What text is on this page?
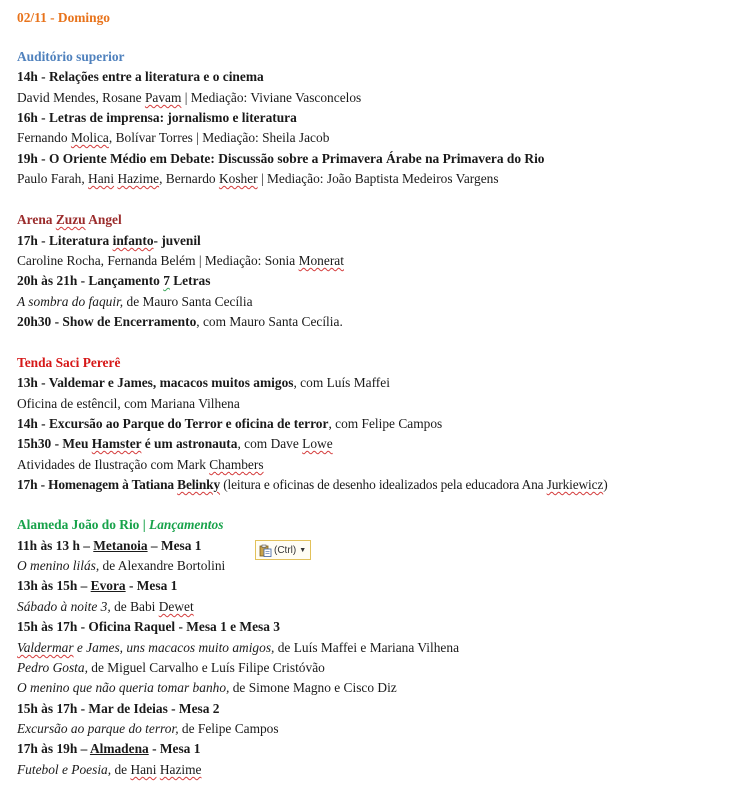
02/11 - Domingo
Auditório superior
14h - Relações entre a literatura e o cinema
David Mendes, Rosane Pavam | Mediação: Viviane Vasconcelos
16h - Letras de imprensa: jornalismo e literatura
Fernando Molica, Bolívar Torres | Mediação: Sheila Jacob
19h - O Oriente Médio em Debate: Discussão sobre a Primavera Árabe na Primavera do Rio
Paulo Farah, Hani Hazime, Bernardo Kosher | Mediação: João Baptista Medeiros Vargens
Arena Zuzu Angel
17h - Literatura infanto- juvenil
Caroline Rocha, Fernanda Belém | Mediação: Sonia Monerat
20h às 21h - Lançamento 7 Letras
A sombra do faquir, de Mauro Santa Cecília
20h30 - Show de Encerramento, com Mauro Santa Cecília.
Tenda Saci Pererê
13h - Valdemar e James, macacos muitos amigos, com Luís Maffei
Oficina de estêncil, com Mariana Vilhena
14h - Excursão ao Parque do Terror e oficina de terror, com Felipe Campos
15h30 - Meu Hamster é um astronauta, com Dave Lowe
Atividades de Ilustração com Mark Chambers
17h - Homenagem à Tatiana Belinky (leitura e oficinas de desenho idealizados pela educadora Ana Jurkiewicz)
Alameda João do Rio | Lançamentos
11h às 13 h – Metanoia – Mesa 1
O menino lilás, de Alexandre Bortolini
13h às 15h – Evora - Mesa 1
Sábado à noite 3, de Babi Dewet
15h às 17h - Oficina Raquel - Mesa 1 e Mesa 3
Valdermar e James, uns macacos muito amigos, de Luís Maffei e Mariana Vilhena
Pedro Gosta, de Miguel Carvalho e Luís Filipe Cristóvão
O menino que não queria tomar banho, de Simone Magno e Cisco Diz
15h às 17h - Mar de Ideias - Mesa 2
Excursão ao parque do terror, de Felipe Campos
17h às 19h – Almadena - Mesa 1
Futebol e Poesia, de Hani Hazime
(Ctrl) ▼
